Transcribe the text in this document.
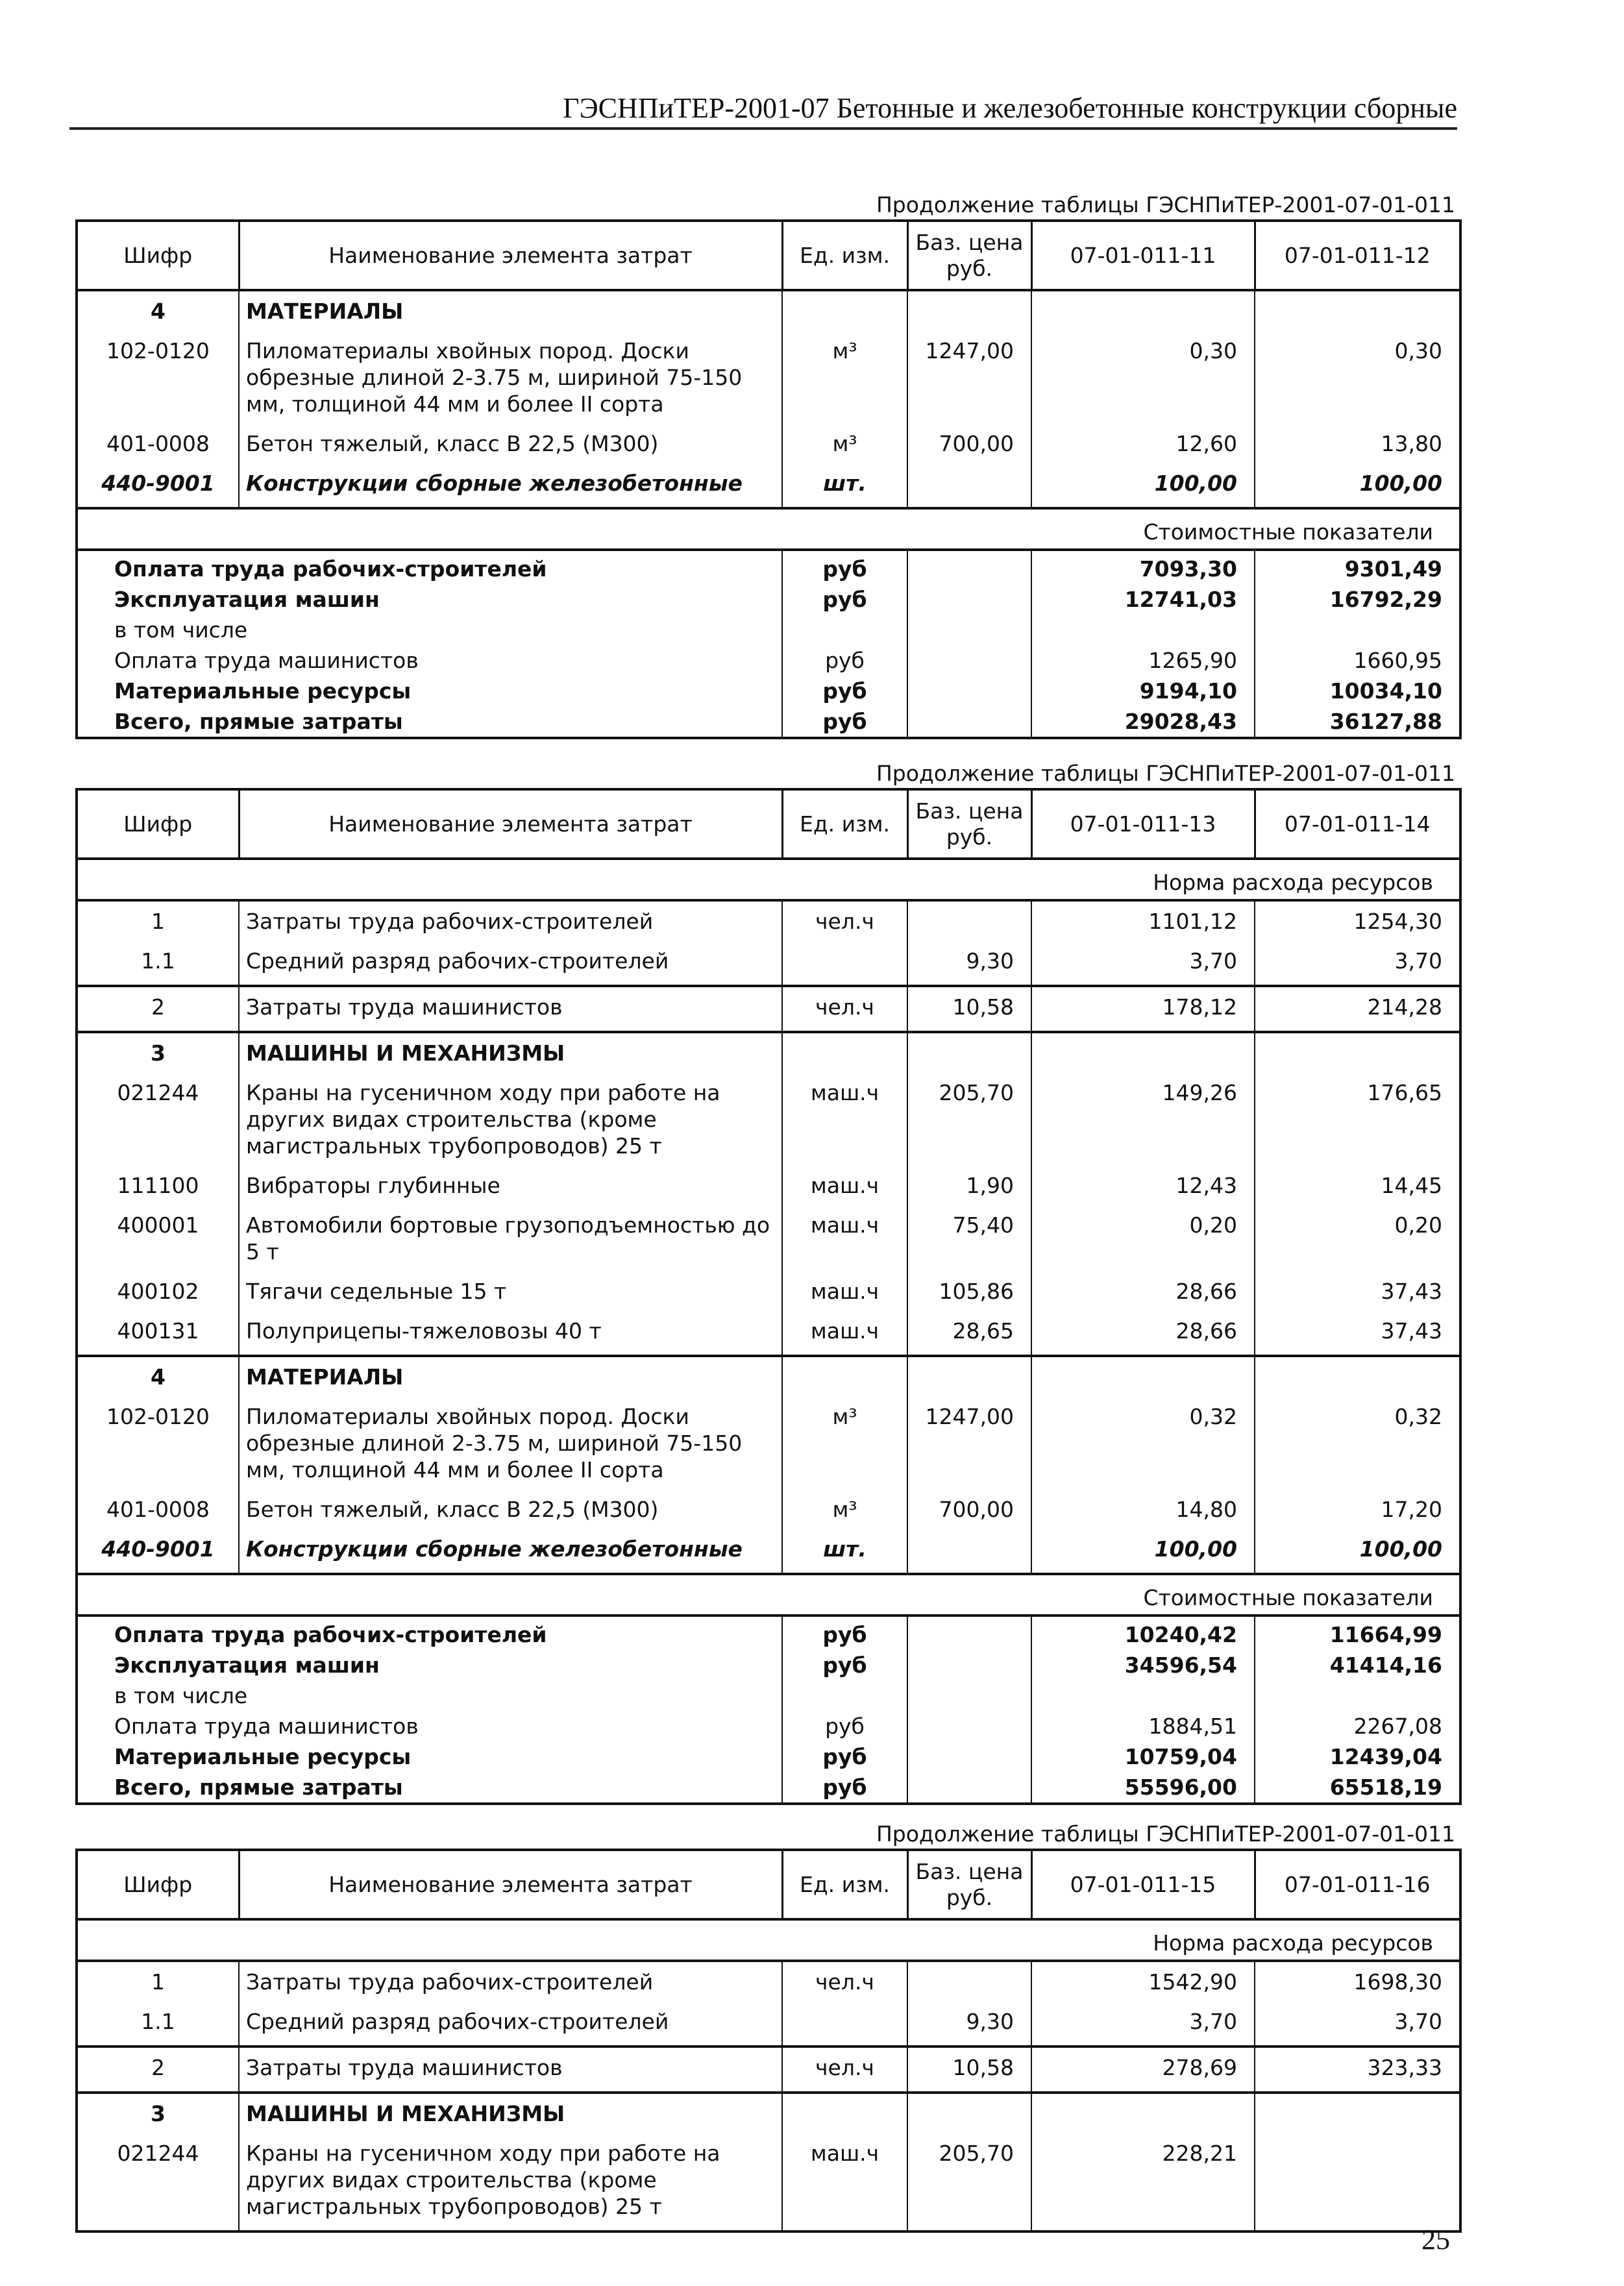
ГЭСНПиТЕР-2001-07 Бетонные и железобетонные конструкции сборные
Продолжение таблицы ГЭСНПиТЕР-2001-07-01-011
Шифр	Наименование элемента затрат	Ед. изм.	Баз. цена руб.	07-01-011-11	07-01-011-12
4	МАТЕРИАЛЫ				
102-0120	Пиломатериалы хвойных пород. Доски обрезные длиной 2-3.75 м, шириной 75-150 мм, толщиной 44 мм и более II сорта	м³	1247,00	0,30	0,30
401-0008	Бетон тяжелый, класс В 22,5 (М300)	м³	700,00	12,60	13,80
440-9001	Конструкции сборные железобетонные	шт.		100,00	100,00
Стоимостные показатели					
Оплата труда рабочих-строителей		руб		7093,30	9301,49
Эксплуатация машин		руб		12741,03	16792,29
в том числе					
Оплата труда машинистов		руб		1265,90	1660,95
Материальные ресурсы		руб		9194,10	10034,10
Всего, прямые затраты		руб		29028,43	36127,88
Продолжение таблицы ГЭСНПиТЕР-2001-07-01-011
Шифр	Наименование элемента затрат	Ед. изм.	Баз. цена руб.	07-01-011-13	07-01-011-14
Норма расхода ресурсов					
1	Затраты труда рабочих-строителей	чел.ч		1101,12	1254,30
1.1	Средний разряд рабочих-строителей		9,30	3,70	3,70
2	Затраты труда машинистов	чел.ч	10,58	178,12	214,28
3	МАШИНЫ И МЕХАНИЗМЫ				
021244	Краны на гусеничном ходу при работе на других видах строительства (кроме магистральных трубопроводов) 25 т	маш.ч	205,70	149,26	176,65
111100	Вибраторы глубинные	маш.ч	1,90	12,43	14,45
400001	Автомобили бортовые грузоподъемностью до 5 т	маш.ч	75,40	0,20	0,20
400102	Тягачи седельные 15 т	маш.ч	105,86	28,66	37,43
400131	Полуприцепы-тяжеловозы 40 т	маш.ч	28,65	28,66	37,43
4	МАТЕРИАЛЫ				
102-0120	Пиломатериалы хвойных пород. Доски обрезные длиной 2-3.75 м, шириной 75-150 мм, толщиной 44 мм и более II сорта	м³	1247,00	0,32	0,32
401-0008	Бетон тяжелый, класс В 22,5 (М300)	м³	700,00	14,80	17,20
440-9001	Конструкции сборные железобетонные	шт.		100,00	100,00
Стоимостные показатели					
Оплата труда рабочих-строителей		руб		10240,42	11664,99
Эксплуатация машин		руб		34596,54	41414,16
в том числе					
Оплата труда машинистов		руб		1884,51	2267,08
Материальные ресурсы		руб		10759,04	12439,04
Всего, прямые затраты		руб		55596,00	65518,19
Продолжение таблицы ГЭСНПиТЕР-2001-07-01-011
Шифр	Наименование элемента затрат	Ед. изм.	Баз. цена руб.	07-01-011-15	07-01-011-16
Норма расхода ресурсов					
1	Затраты труда рабочих-строителей	чел.ч		1542,90	1698,30
1.1	Средний разряд рабочих-строителей		9,30	3,70	3,70
2	Затраты труда машинистов	чел.ч	10,58	278,69	323,33
3	МАШИНЫ И МЕХАНИЗМЫ				
021244	Краны на гусеничном ходу при работе на других видах строительства (кроме магистральных трубопроводов) 25 т	маш.ч	205,70	228,21	
25
